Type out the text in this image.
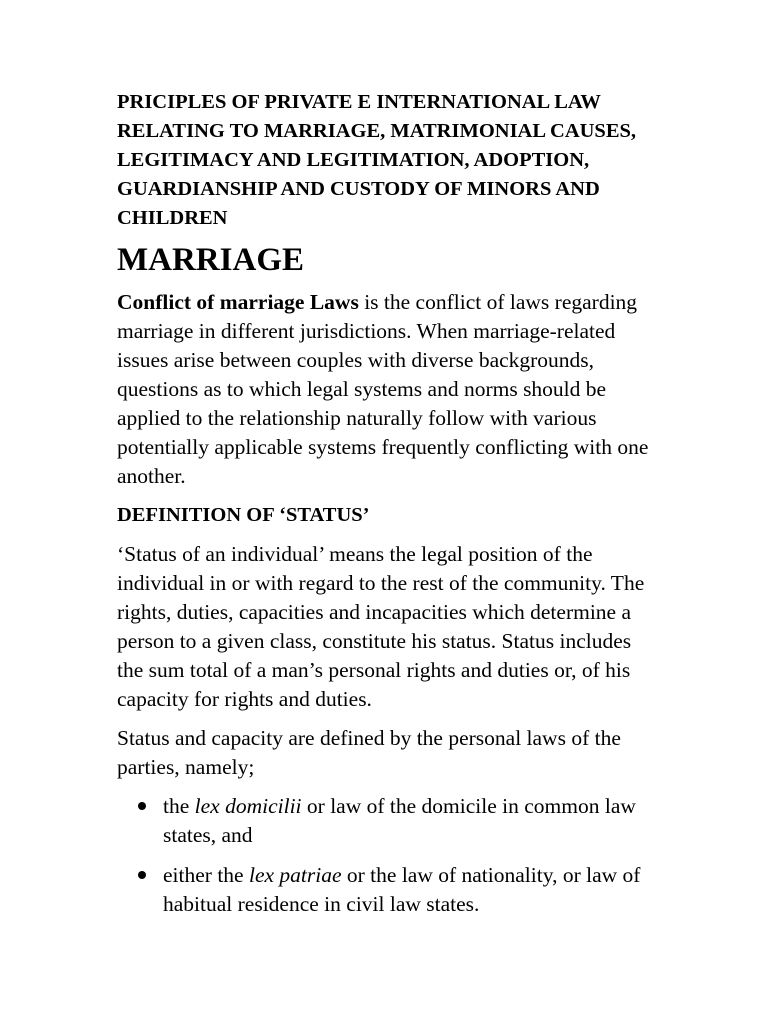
PRICIPLES OF PRIVATE E INTERNATIONAL LAW RELATING TO MARRIAGE, MATRIMONIAL CAUSES, LEGITIMACY AND LEGITIMATION, ADOPTION, GUARDIANSHIP AND CUSTODY OF MINORS AND CHILDREN
MARRIAGE

Conflict of marriage Laws is the conflict of laws regarding marriage in different jurisdictions. When marriage-related issues arise between couples with diverse backgrounds, questions as to which legal systems and norms should be applied to the relationship naturally follow with various potentially applicable systems frequently conflicting with one another.

DEFINITION OF ‘STATUS’

‘Status of an individual’ means the legal position of the individual in or with regard to the rest of the community. The rights, duties, capacities and incapacities which determine a person to a given class, constitute his status. Status includes the sum total of a man’s personal rights and duties or, of his capacity for rights and duties.

Status and capacity are defined by the personal laws of the parties, namely;

the lex domicilii or law of the domicile in common law states, and
either the lex patriae or the law of nationality, or law of habitual residence in civil law states.
